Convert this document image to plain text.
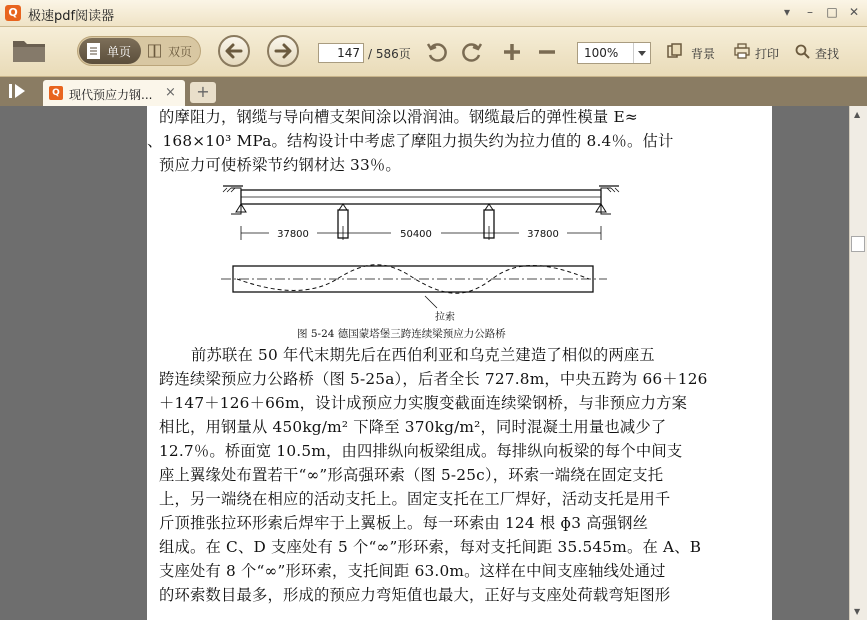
Q 极速pdf阅读器	▾	–	□ ✕
单页	双页	147 / 586页	100%	背景	打印	查找
Q 现代预应力钢... ×	+
的摩阻力，钢缆与导向槽支架间涂以滑润油。钢缆最后的弹性模量 E≈
、168×10³ MPa。结构设计中考虑了摩阻力损失约为拉力值的 8.4％。估计
预应力可使桥梁节约钢材达 33％。
37800	50400	37800
拉索
图 5-24 德国蒙塔堡三跨连续梁预应力公路桥
前苏联在 50 年代末期先后在西伯利亚和乌克兰建造了相似的两座五
跨连续梁预应力公路桥（图 5-25a），后者全长 727.8m，中央五跨为 66＋126
＋147＋126＋66m，设计成预应力实腹变截面连续梁钢桥，与非预应力方案
相比，用钢量从 450kg/m² 下降至 370kg/m²，同时混凝土用量也减少了
12.7％。桥面宽 10.5m，由四排纵向板梁组成。每排纵向板梁的每个中间支
座上翼缘处布置若干“∞”形高强环索（图 5-25c），环索一端绕在固定支托
上，另一端绕在相应的活动支托上。固定支托在工厂焊好，活动支托是用千
斤顶推张拉环形索后焊牢于上翼板上。每一环索由 124 根 ɸ3 高强钢丝
组成。在 C、D 支座处有 5 个“∞”形环索，每对支托间距 35.545m。在 A、B
支座处有 8 个“∞”形环索，支托间距 63.0m。这样在中间支座轴线处通过
的环索数目最多，形成的预应力弯矩值也最大，正好与支座处荷载弯矩图形
▲
▼
